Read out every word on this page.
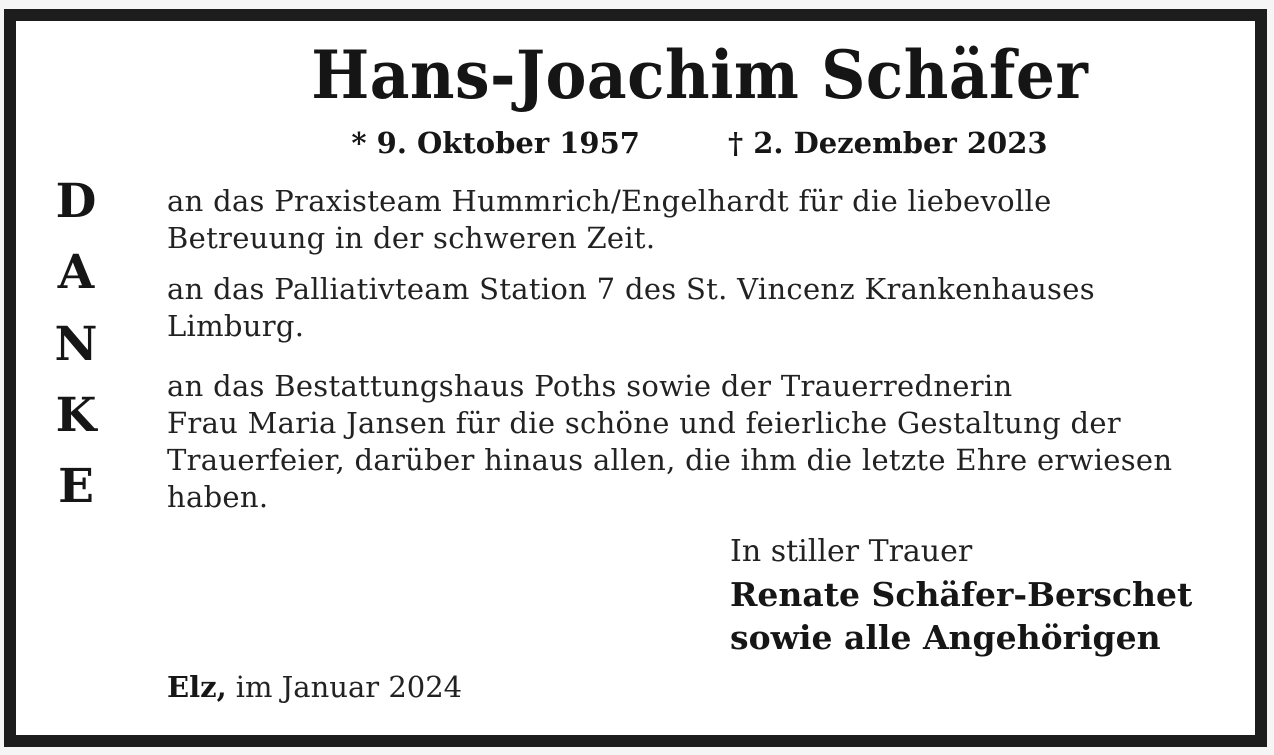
Hans-Joachim Schäfer
* 9. Oktober 1957	† 2. Dezember 2023
D
A
N
K
E
an das Praxisteam Hummrich/Engelhardt für die liebevolle
Betreuung in der schweren Zeit.
an das Palliativteam Station 7 des St. Vincenz Krankenhauses
Limburg.
an das Bestattungshaus Poths sowie der Trauerrednerin
Frau Maria Jansen für die schöne und feierliche Gestaltung der
Trauerfeier, darüber hinaus allen, die ihm die letzte Ehre erwiesen
haben.
In stiller Trauer
Renate Schäfer-Berschet
sowie alle Angehörigen
Elz, im Januar 2024
